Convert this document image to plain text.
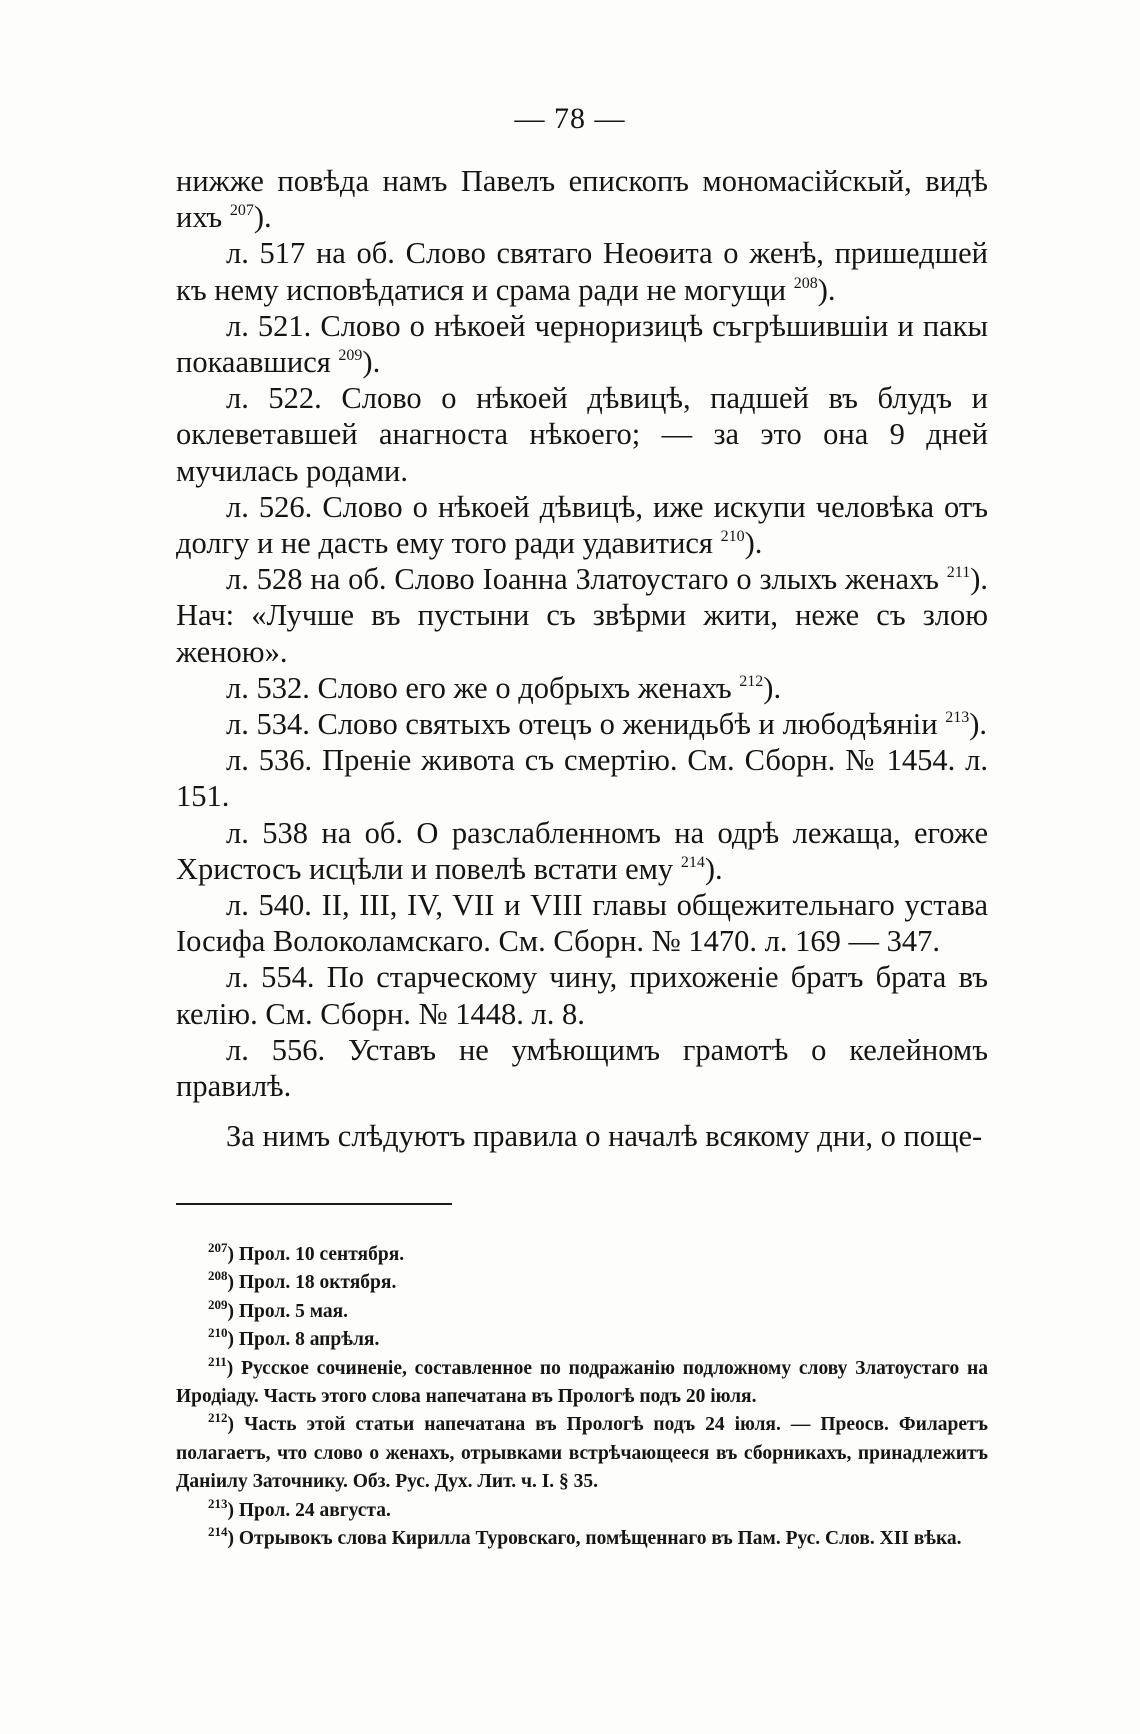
— 78 —

нижже повѣда намъ Павелъ епископъ мономасійскый, видѣ ихъ $^{207}$).

л. 517 на об. Слово святаго Неоѳита о женѣ, пришедшей къ нему исповѣдатися и срама ради не могущи $^{208}$).

л. 521. Слово о нѣкоей черноризицѣ съгрѣшившіи и пакы покаавшися $^{209}$).

л. 522. Слово о нѣкоей дѣвицѣ, падшей въ блудъ и оклеветавшей анагноста нѣкоего; — за это она 9 дней мучилась родами.

л. 526. Слово о нѣкоей дѣвицѣ, иже искупи человѣка отъ долгу и не дасть ему того ради удавитися $^{210}$).

л. 528 на об. Слово Іоанна Златоустаго о злыхъ женахъ $^{211}$). Нач: «Лучше въ пустыни съ звѣрми жити, неже съ злою женою».

л. 532. Слово его же о добрыхъ женахъ $^{212}$).

л. 534. Слово святыхъ отецъ о женидьбѣ и любодѣяніи $^{213}$).

л. 536. Преніе живота съ смертію. См. Сборн. № 1454. л. 151.

л. 538 на об. О разслабленномъ на одрѣ лежаща, егоже Христосъ исцѣли и повелѣ встати ему $^{214}$).

л. 540. II, III, IV, VII и VIII главы общежительнаго устава Іосифа Волоколамскаго. См. Сборн. № 1470. л. 169 — 347.

л. 554. По старческому чину, прихоженіе братъ брата въ келію. См. Сборн. № 1448. л. 8.

л. 556. Уставъ не умѣющимъ грамотѣ о келейномъ правилѣ.

За нимъ слѣдуютъ правила о началѣ всякому дни, о поще-

$^{207}$) Прол. 10 сентября.

$^{208}$) Прол. 18 октября.

$^{209}$) Прол. 5 мая.

$^{210}$) Прол. 8 апрѣля.

$^{211}$) Русское сочиненіе, составленное по подражанію подложному слову Златоустаго на Иродіаду. Часть этого слова напечатана въ Прологѣ подъ 20 іюля.

$^{212}$) Часть этой статьи напечатана въ Прологѣ подъ 24 іюля. — Преосв. Филаретъ полагаетъ, что слово о женахъ, отрывками встрѣчающееся въ сборникахъ, принадлежитъ Даніилу Заточнику. Обз. Рус. Дух. Лит. ч. I. § 35.

$^{213}$) Прол. 24 августа.

$^{214}$) Отрывокъ слова Кирилла Туровскаго, помѣщеннаго въ Пам. Рус. Слов. XII вѣка.
